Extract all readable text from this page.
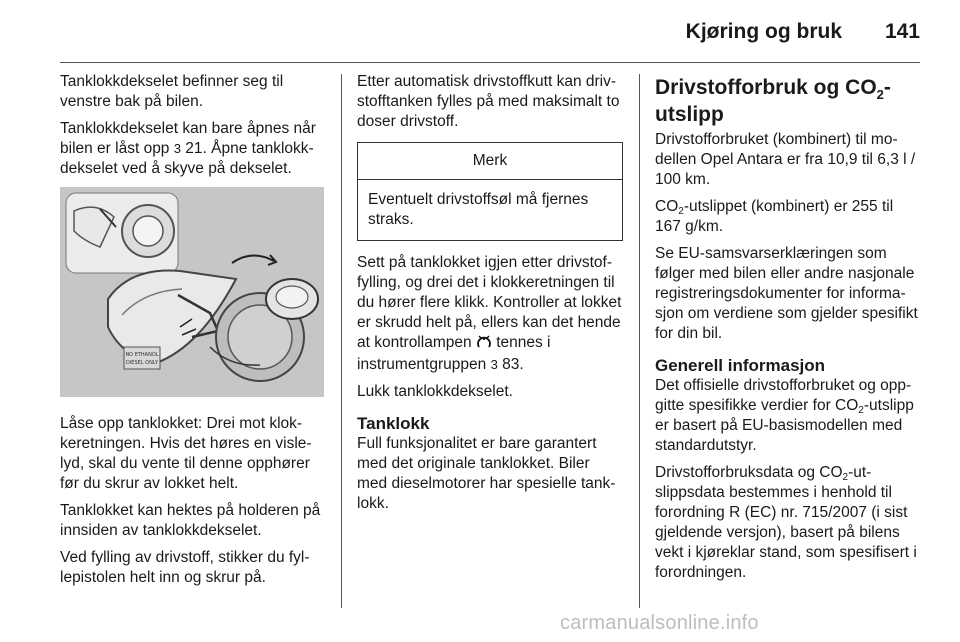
Kjøring og bruk 141

Tanklokkdekselet befinner seg til venstre bak på bilen.

Tanklokkdekselet kan bare åpnes når bilen er låst opp 3 21. Åpne tanklokkdekselet ved å skyve på dekselet.

NO ETHANOL
DIESEL ONLY

Låse opp tanklokket: Drei mot klokkeretningen. Hvis det høres en vislelyd, skal du vente til denne opphører før du skrur av lokket helt.

Tanklokket kan hektes på holderen på innsiden av tanklokkdekselet.

Ved fylling av drivstoff, stikker du fyllepistolen helt inn og skrur på.

Etter automatisk drivstoffkutt kan drivstofftanken fylles på med maksimalt to doser drivstoff.

Merk
Eventuelt drivstoffsøl må fjernes straks.

Sett på tanklokket igjen etter drivstoffylling, og drei det i klokkeretningen til du hører flere klikk. Kontroller at lokket er skrudd helt på, ellers kan det hende at kontrollampen  tennes i instrumentgruppen 3 83.

Lukk tanklokkdekselet.

Tanklokk

Full funksjonalitet er bare garantert med det originale tanklokket. Biler med dieselmotorer har spesielle tanklokk.

Drivstofforbruk og $CO_2-$
utslipp

Drivstofforbruket (kombinert) til modellen Opel Antara er fra 10,9 til 6,3 l / 100 km.

$CO_2$-utslippet (kombinert) er 255 til 167 g/km.

Se EU-samsvarserklæringen som følger med bilen eller andre nasjonale registreringsdokumenter for informasjon om verdiene som gjelder spesifikt for din bil.

Generell informasjon

Det offisielle drivstofforbruket og oppgitte spesifikke verdier for $CO_2$-utslipp er basert på EU-basismodellen med standardutstyr.

Drivstofforbruksdata og $CO_2$-utslippsdata bestemmes i henhold til forordning R (EC) nr. 715/2007 (i sist gjeldende versjon), basert på bilens vekt i kjøreklar stand, som spesifisert i forordningen.

carmanualsonline.info
